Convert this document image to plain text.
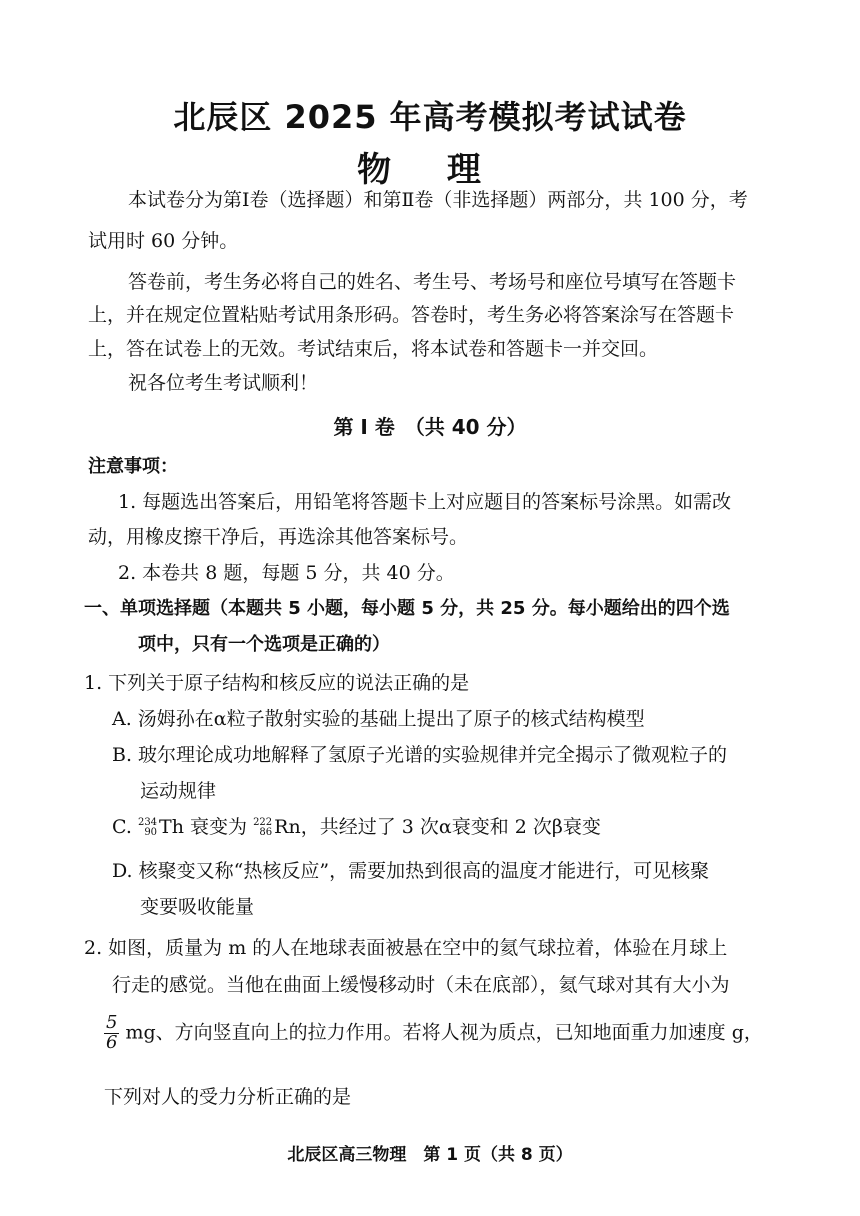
北辰区 2025 年高考模拟考试试卷
物 理
本试卷分为第Ⅰ卷（选择题）和第Ⅱ卷（非选择题）两部分，共 100 分，考
试用时 60 分钟。
答卷前，考生务必将自己的姓名、考生号、考场号和座位号填写在答题卡
上，并在规定位置粘贴考试用条形码。答卷时，考生务必将答案涂写在答题卡
上，答在试卷上的无效。考试结束后，将本试卷和答题卡一并交回。
祝各位考生考试顺利！
第 Ⅰ 卷　（共 40 分）
注意事项：
1. 每题选出答案后，用铅笔将答题卡上对应题目的答案标号涂黑。如需改
动，用橡皮擦干净后，再选涂其他答案标号。
2. 本卷共 8 题，每题 5 分，共 40 分。
一、单项选择题（本题共 5 小题，每小题 5 分，共 25 分。每小题给出的四个选
项中，只有一个选项是正确的）
1. 下列关于原子结构和核反应的说法正确的是
A. 汤姆孙在α粒子散射实验的基础上提出了原子的核式结构模型
B. 玻尔理论成功地解释了氢原子光谱的实验规律并完全揭示了微观粒子的
运动规律
C. 234
90 Th 衰变为 222
86 Rn，共经过了 3 次α衰变和 2 次β衰变
D. 核聚变又称“热核反应”，需要加热到很高的温度才能进行，可见核聚
变要吸收能量
2. 如图，质量为 m 的人在地球表面被悬在空中的氦气球拉着，体验在月球上
行走的感觉。当他在曲面上缓慢移动时（未在底部），氦气球对其有大小为
$\frac{5}{6}$ mg、方向竖直向上的拉力作用。若将人视为质点，已知地面重力加速度 g，
下列对人的受力分析正确的是
北辰区高三物理　第 1 页（共 8 页）
